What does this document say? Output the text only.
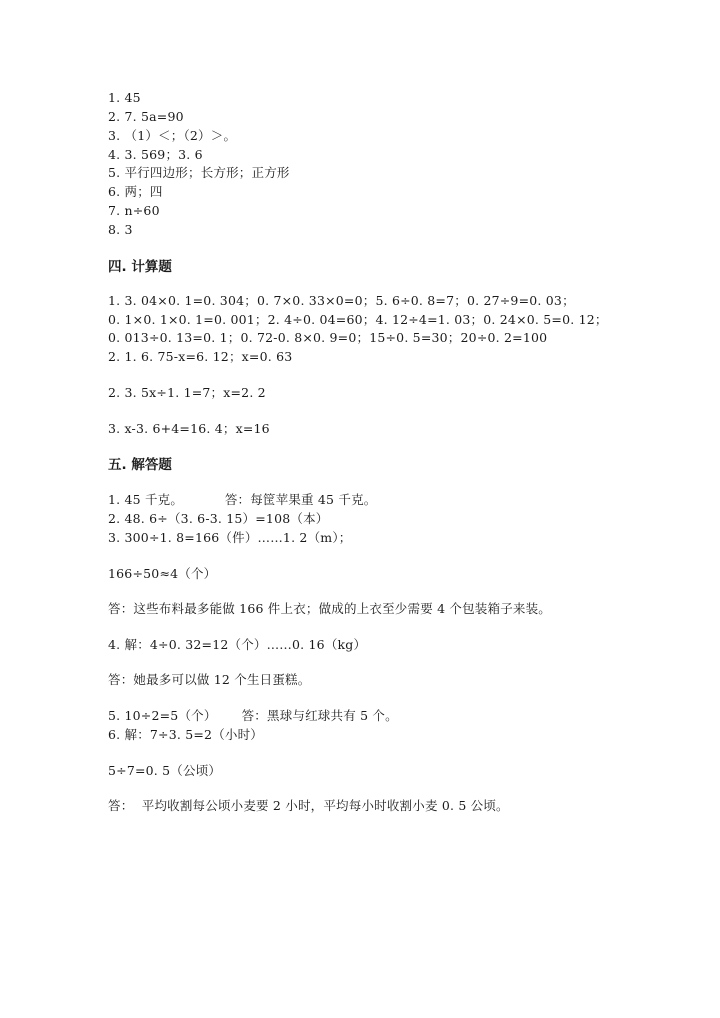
1. 45
2. 7. 5a=90
3. （1）＜；（2）＞。
4. 3. 569；3. 6
5. 平行四边形；长方形；正方形
6. 两；四
7. n÷60
8. 3
四. 计算题
1. 3. 04×0. 1=0. 304；0. 7×0. 33×0=0；5. 6÷0. 8=7；0. 27÷9=0. 03；
0. 1×0. 1×0. 1=0. 001；2. 4÷0. 04=60；4. 12÷4=1. 03；0. 24×0. 5=0. 12；
0. 013÷0. 13=0. 1；0. 72-0. 8×0. 9=0；15÷0. 5=30；20÷0. 2=100
2. 1. 6. 75-x=6. 12；x=0. 63
2. 3. 5x÷1. 1=7；x=2. 2
3. x-3. 6+4=16. 4；x=16
五. 解答题
1. 45 千克。          答：每筐苹果重 45 千克。
2. 48. 6÷（3. 6-3. 15）=108（本）
3. 300÷1. 8=166（件）……1. 2（m）；
166÷50≈4（个）
答：这些布料最多能做 166 件上衣；做成的上衣至少需要 4 个包装箱子来装。
4. 解：4÷0. 32=12（个）……0. 16（kg）
答：她最多可以做 12 个生日蛋糕。
5. 10÷2=5（个）      答：黑球与红球共有 5 个。
6. 解：7÷3. 5=2（小时）
5÷7=0. 5（公顷）
答：  平均收割每公顷小麦要 2 小时，平均每小时收割小麦 0. 5 公顷。
